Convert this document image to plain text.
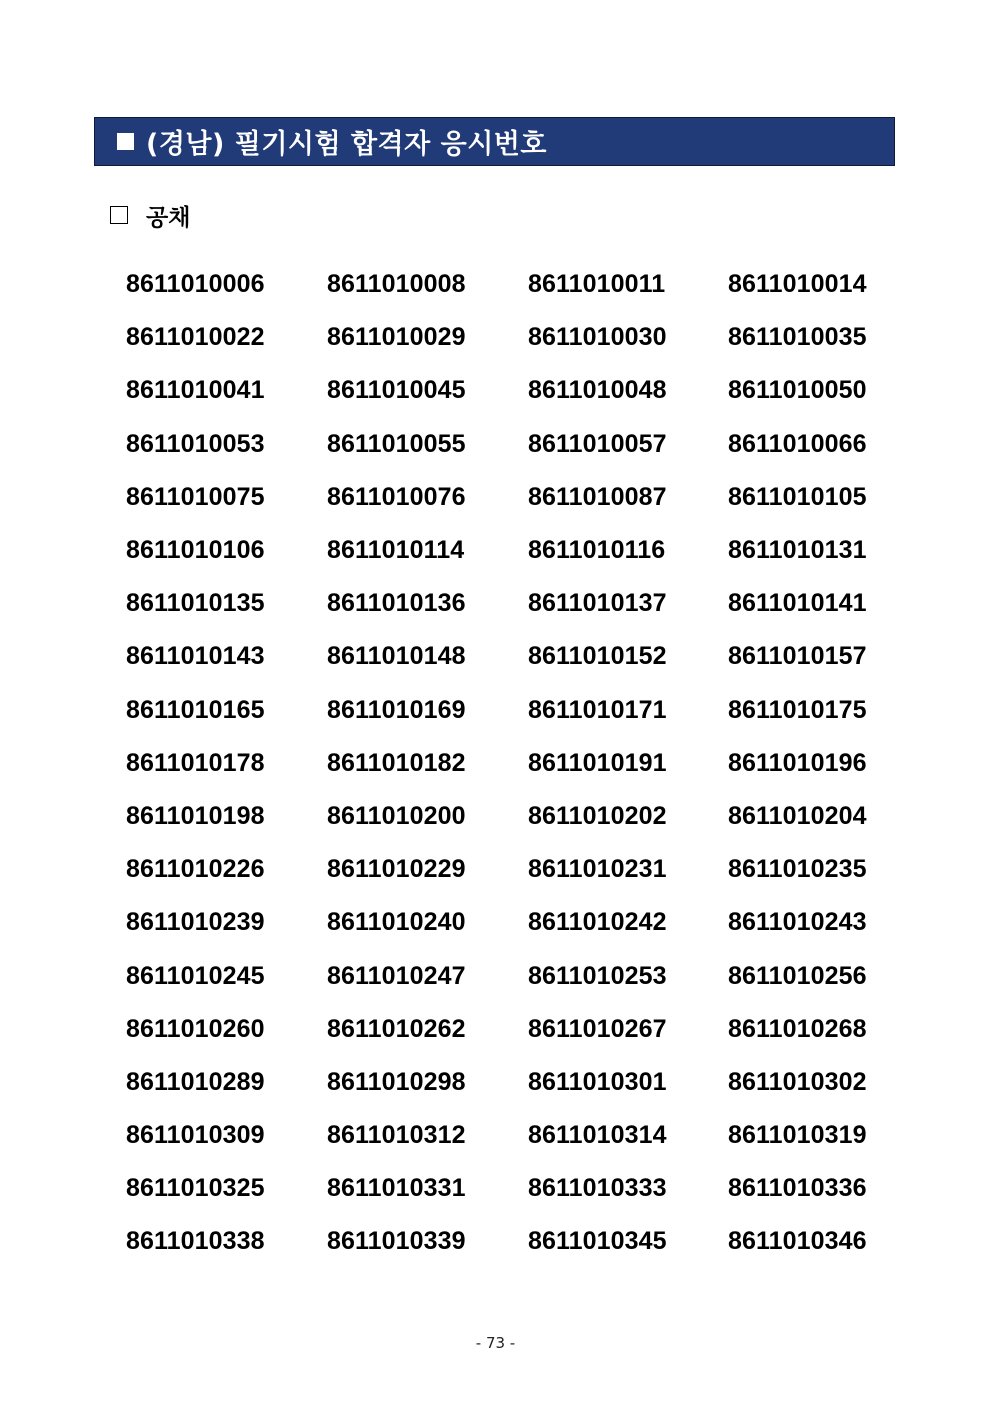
(경남) 필기시험 합격자 응시번호
공채
8611010006	8611010008	8611010011	8611010014
8611010022	8611010029	8611010030	8611010035
8611010041	8611010045	8611010048	8611010050
8611010053	8611010055	8611010057	8611010066
8611010075	8611010076	8611010087	8611010105
8611010106	8611010114	8611010116	8611010131
8611010135	8611010136	8611010137	8611010141
8611010143	8611010148	8611010152	8611010157
8611010165	8611010169	8611010171	8611010175
8611010178	8611010182	8611010191	8611010196
8611010198	8611010200	8611010202	8611010204
8611010226	8611010229	8611010231	8611010235
8611010239	8611010240	8611010242	8611010243
8611010245	8611010247	8611010253	8611010256
8611010260	8611010262	8611010267	8611010268
8611010289	8611010298	8611010301	8611010302
8611010309	8611010312	8611010314	8611010319
8611010325	8611010331	8611010333	8611010336
8611010338	8611010339	8611010345	8611010346
- 73 -
